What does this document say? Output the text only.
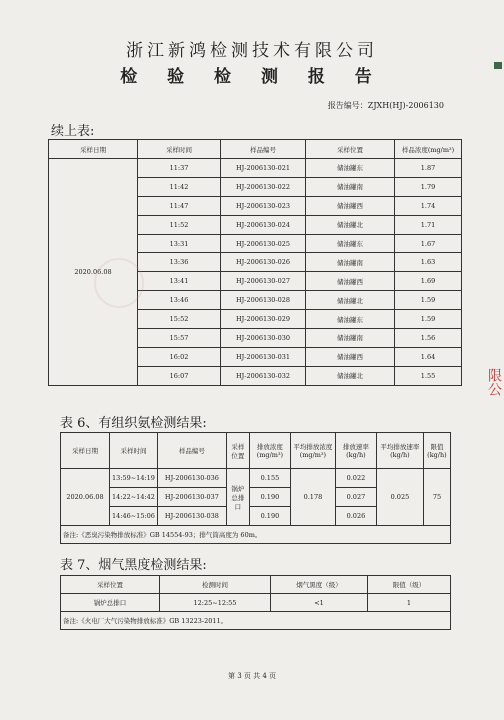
浙江新鸿检测技术有限公司
检 验 检 测 报 告
报告编号：ZJXH(HJ)-2006130
续上表:
采样日期	采样时间	样品编号	采样位置	样品浓度(mg/m³)
2020.06.08	11:37	HJ-2006130-021	储油罐东	1.87
	11:42	HJ-2006130-022	储油罐南	1.79
	11:47	HJ-2006130-023	储油罐西	1.74
	11:52	HJ-2006130-024	储油罐北	1.71
	13:31	HJ-2006130-025	储油罐东	1.67
	13:36	HJ-2006130-026	储油罐南	1.63
	13:41	HJ-2006130-027	储油罐西	1.69
	13:46	HJ-2006130-028	储油罐北	1.59
	15:52	HJ-2006130-029	储油罐东	1.59
	15:57	HJ-2006130-030	储油罐南	1.56
	16:02	HJ-2006130-031	储油罐西	1.64
	16:07	HJ-2006130-032	储油罐北	1.55	限公
表 6、有组织氨检测结果:
采样日期	采样时间	样品编号	采样位置	排放浓度(mg/m³)	平均排放浓度(mg/m³)	排放速率(kg/h)	平均排放速率(kg/h)	限值(kg/h)
2020.06.08	13:59~14:19	HJ-2006130-036	锅炉总排口	0.155	0.178	0.022	0.025	75
	14:22~14:42	HJ-2006130-037		0.190		0.027		
	14:46~15:06	HJ-2006130-038		0.190		0.026		
备注:《恶臭污染物排放标准》GB 14554-93；排气筒高度为 60m。								
表 7、烟气黑度检测结果:
采样位置	检测时间	烟气黑度（级）	限值（级）
锅炉总排口	12:25~12:55	<1	1
备注:《火电厂大气污染物排放标准》GB 13223-2011。			
第 3 页 共 4 页
